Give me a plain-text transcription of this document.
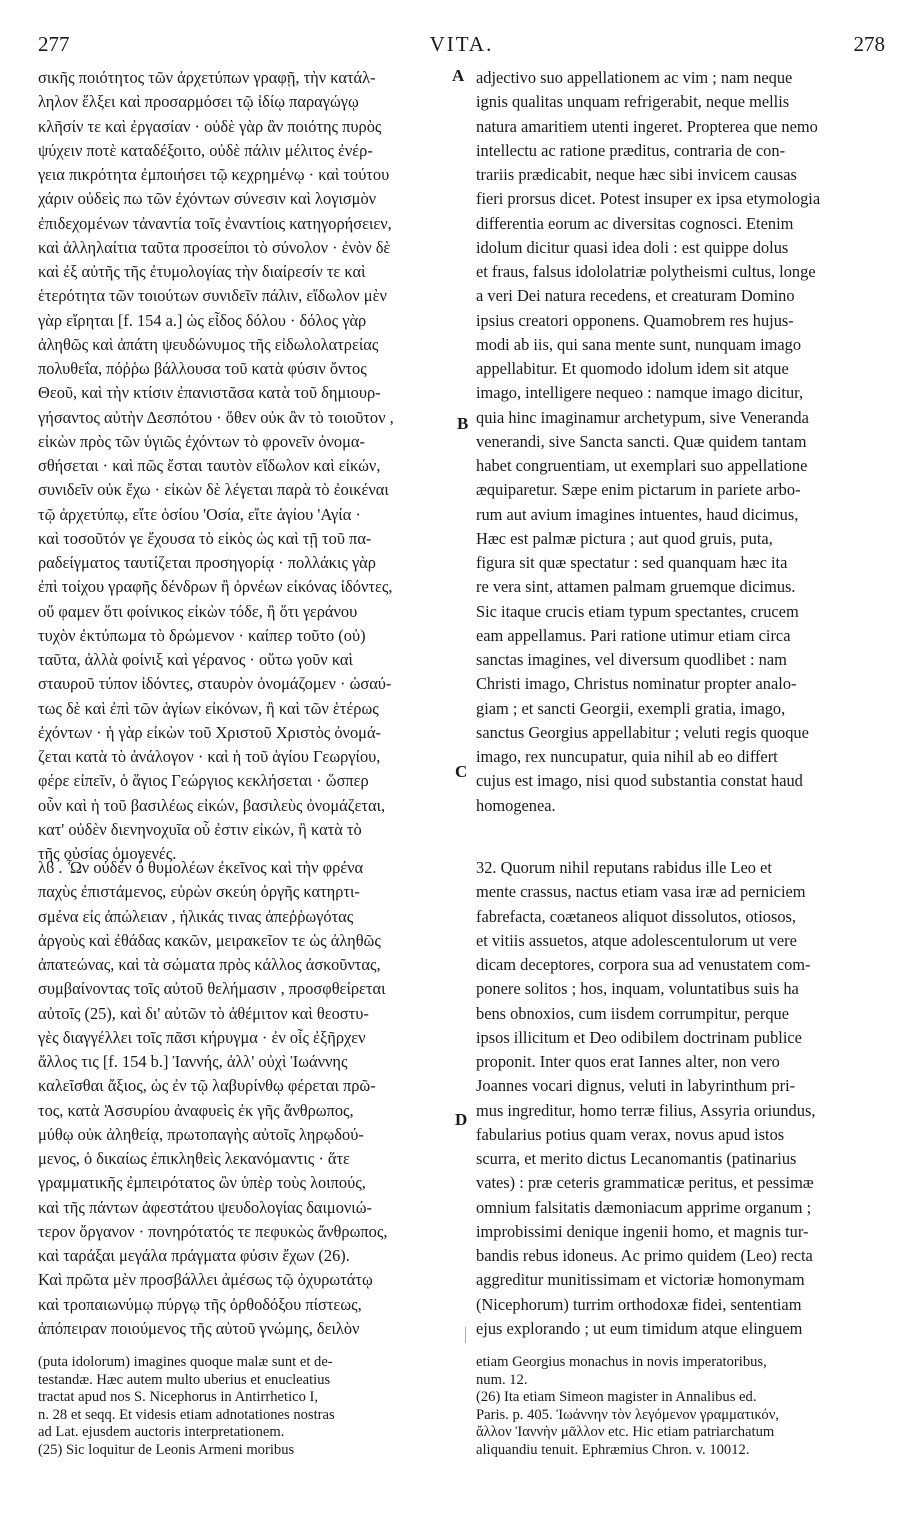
277	VITA.	278
σικῆς ποιότητος τῶν ἀρχετύπων γραφῇ, τὴν κατάλ-
ληλον ἕλξει καὶ προσαρμόσει τῷ ἰδίῳ παραγώγῳ
κλῆσίν τε καὶ ἐργασίαν · οὐδὲ γὰρ ἂν ποιότης πυρὸς
ψύχειν ποτὲ καταδέξοιτο, οὐδὲ πάλιν μέλιτος ἐνέρ-
γεια πικρότητα ἐμποιήσει τῷ κεχρημένῳ · καὶ τούτου
χάριν οὐδεὶς πω τῶν ἐχόντων σύνεσιν καὶ λογισμὸν
ἐπιδεχομένων τἀναντία τοῖς ἐναντίοις κατηγορήσειεν,
καὶ ἀλληλαίτια ταῦτα προσείποι τὸ σύνολον · ἐνὸν δὲ
καὶ ἐξ αὐτῆς τῆς ἐτυμολογίας τὴν διαίρεσίν τε καὶ
ἑτερότητα τῶν τοιούτων συνιδεῖν πάλιν, εἴδωλον μὲν
γὰρ εἴρηται [f. 154 a.] ὡς εἶδος δόλου · δόλος γὰρ
ἀληθῶς καὶ ἀπάτη ψευδώνυμος τῆς εἰδωλολατρείας
πολυθεΐα, πόῤῥω βάλλουσα τοῦ κατὰ φύσιν ὄντος
Θεοῦ, καὶ τὴν κτίσιν ἐπανιστᾶσα κατὰ τοῦ δημιουρ-
γήσαντος αὐτὴν Δεσπότου · ὅθεν οὐκ ἂν τὸ τοιοῦτον ,
εἰκὼν πρὸς τῶν ὑγιῶς ἐχόντων τὸ φρονεῖν ὀνομα-
σθήσεται · καὶ πῶς ἔσται ταυτὸν εἴδωλον καὶ εἰκών,
συνιδεῖν οὐκ ἔχω · εἰκὼν δὲ λέγεται παρὰ τὸ ἐοικέναι
τῷ ἀρχετύπῳ, εἴτε ὁσίου 'Οσία, εἴτε ἁγίου 'Αγία ·
καὶ τοσοῦτόν γε ἔχουσα τὸ εἰκὸς ὡς καὶ τῇ τοῦ πα-
ραδείγματος ταυτίζεται προσηγορίᾳ · πολλάκις γὰρ
ἐπὶ τοίχου γραφῆς δένδρων ἢ ὀρνέων εἰκόνας ἰδόντες,
οὔ φαμεν ὅτι φοίνικος εἰκὼν τόδε, ἢ ὅτι γεράνου
τυχὸν ἐκτύπωμα τὸ δρώμενον · καίπερ τοῦτο (οὐ)
ταῦτα, ἀλλὰ φοίνιξ καὶ γέρανος · οὕτω γοῦν καὶ
σταυροῦ τύπον ἰδόντες, σταυρὸν ὀνομάζομεν · ὡσαύ-
τως δὲ καὶ ἐπὶ τῶν ἁγίων εἰκόνων, ἢ καὶ τῶν ἑτέρως
ἐχόντων · ἡ γὰρ εἰκὼν τοῦ Χριστοῦ Χριστὸς ὀνομά-
ζεται κατὰ τὸ ἀνάλογον · καὶ ἡ τοῦ ἁγίου Γεωργίου,
φέρε εἰπεῖν, ὁ ἅγιος Γεώργιος κεκλήσεται · ὥσπερ
οὖν καὶ ἡ τοῦ βασιλέως εἰκών, βασιλεὺς ὀνομάζεται,
κατ' οὐδὲν διενηνοχυῖα οὗ ἐστιν εἰκών, ἢ κατὰ τὸ
τῆς οὐσίας ὁμογενές.
adjectivo suo appellationem ac vim ; nam neque
ignis qualitas unquam refrigerabit, neque mellis
natura amaritiem utenti ingeret. Propterea que nemo
intellectu ac ratione præditus, contraria de con-
trariis prædicabit, neque hæc sibi invicem causas
fieri prorsus dicet. Potest insuper ex ipsa etymologia
differentia eorum ac diversitas cognosci. Etenim
idolum dicitur quasi idea doli : est quippe dolus
et fraus, falsus idololatriæ polytheismi cultus, longe
a veri Dei natura recedens, et creaturam Domino
ipsius creatori opponens. Quamobrem res hujus-
modi ab iis, qui sana mente sunt, nunquam imago
appellabitur. Et quomodo idolum idem sit atque
imago, intelligere nequeo : namque imago dicitur,
quia hinc imaginamur archetypum, sive Veneranda
venerandi, sive Sancta sancti. Quæ quidem tantam
habet congruentiam, ut exemplari suo appellatione
æquiparetur. Sæpe enim pictarum in pariete arbo-
rum aut avium imagines intuentes, haud dicimus,
Hæc est palmæ pictura ; aut quod gruis, puta,
figura sit quæ spectatur : sed quanquam hæc ita
re vera sint, attamen palmam gruemque dicimus.
Sic itaque crucis etiam typum spectantes, crucem
eam appellamus. Pari ratione utimur etiam circa
sanctas imagines, vel diversum quodlibet : nam
Christi imago, Christus nominatur propter analo-
giam ; et sancti Georgii, exempli gratia, imago,
sanctus Georgius appellabitur ; veluti regis quoque
imago, rex nuncupatur, quia nihil ab eo differt
cujus est imago, nisi quod substantia constat haud
homogenea.
λϐ . Ὧν οὐδὲν ὁ θυμολέων ἐκεῖνος καὶ τὴν φρένα
παχὺς ἐπιστάμενος, εὑρὼν σκεύη ὀργῆς κατηρτι-
σμένα εἰς ἀπώλειαν , ἡλικάς τινας ἀπεῤῥωγότας
ἀργοὺς καὶ ἐθάδας κακῶν, μειρακεῖον τε ὡς ἀληθῶς
ἀπατεώνας, καὶ τὰ σώματα πρὸς κάλλος ἀσκοῦντας,
συμβαίνοντας τοῖς αὐτοῦ θελήμασιν , προσφθείρεται
αὐτοῖς (25), καὶ δι' αὐτῶν τὸ ἀθέμιτον καὶ θεοστυ-
γὲς διαγγέλλει τοῖς πᾶσι κήρυγμα · ἐν οἷς ἐξῆρχεν
ἄλλος τις [f. 154 b.] Ἰαννής, ἀλλ' οὐχὶ Ἰωάννης
καλεῖσθαι ἄξιος, ὡς ἐν τῷ λαβυρίνθῳ φέρεται πρῶ-
τος, κατὰ Ἀσσυρίου ἀναφυεὶς ἐκ γῆς ἄνθρωπος,
μύθῳ οὐκ ἀληθείᾳ, πρωτοπαγὴς αὐτοῖς ληρῳδού-
μενος, ὁ δικαίως ἐπικληθεὶς λεκανόμαντις · ἅτε
γραμματικῆς ἐμπειρότατος ὢν ὑπὲρ τοὺς λοιπούς,
καὶ τῆς πάντων ἀφεστάτου ψευδολογίας δαιμονιώ-
τερον ὄργανον · πονηρότατός τε πεφυκὼς ἄνθρωπος,
καὶ ταράξαι μεγάλα πράγματα φύσιν ἔχων (26).
Καὶ πρῶτα μὲν προσβάλλει ἀμέσως τῷ ὀχυρωτάτῳ
καὶ τροπαιωνύμῳ πύργῳ τῆς ὀρθοδόξου πίστεως,
ἀπόπειραν ποιούμενος τῆς αὐτοῦ γνώμης, δειλὸν
32. Quorum nihil reputans rabidus ille Leo et
mente crassus, nactus etiam vasa iræ ad perniciem
fabrefacta, coætaneos aliquot dissolutos, otiosos,
et vitiis assuetos, atque adolescentulorum ut vere
dicam deceptores, corpora sua ad venustatem com-
ponere solitos ; hos, inquam, voluntatibus suis ha
bens obnoxios, cum iisdem corrumpitur, perque
ipsos illicitum et Deo odibilem doctrinam publice
proponit. Inter quos erat Iannes alter, non vero
Joannes vocari dignus, veluti in labyrinthum pri-
mus ingreditur, homo terræ filius, Assyria oriundus,
fabularius potius quam verax, novus apud istos
scurra, et merito dictus Lecanomantis (patinarius
vates) : præ ceteris grammaticæ peritus, et pessimæ
omnium falsitatis dæmoniacum apprime organum ;
improbissimi denique ingenii homo, et magnis tur-
bandis rebus idoneus. Ac primo quidem (Leo) recta
aggreditur munitissimam et victoriæ homonymam
(Nicephorum) turrim orthodoxæ fidei, sententiam
ejus explorando ; ut eum timidum atque elinguem
A
B
C
D
(puta idolorum) imagines quoque malæ sunt et de-
testandæ. Hæc autem multo uberius et enucleatius
tractat apud nos S. Nicephorus in Antirrhetico I,
n. 28 et seqq. Et videsis etiam adnotationes nostras
ad Lat. ejusdem auctoris interpretationem.
(25) Sic loquitur de Leonis Armeni moribus
etiam Georgius monachus in novis imperatoribus,
num. 12.
(26) Ita etiam Simeon magister in Annalibus ed.
Paris. p. 405. Ἰωάννην τὸν λεγόμενον γραμματικόν,
ἄλλον Ἰαννὴν μᾶλλον etc. Hic etiam patriarchatum
aliquandiu tenuit. Ephræmius Chron. v. 10012.
